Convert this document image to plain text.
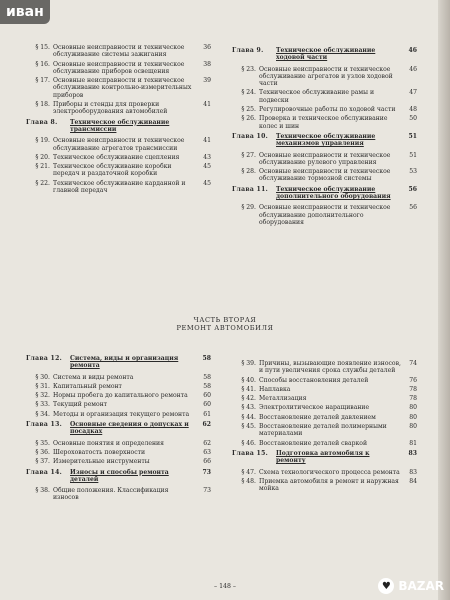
§ 15. Основные неисправности и техническое обслуживание системы зажигания
36
§ 16. Основные неисправности и техническое обслуживание приборов освещения
38
§ 17. Основные неисправности и техническое обслуживание контрольно-измерительных приборов
39
§ 18. Приборы и стенды для проверки электрооборудования автомобилей
41
Глава 8.	Техническое обслуживание трансмиссии
§ 19. Основные неисправности и техническое обслуживание агрегатов трансмиссии
41
§ 20. Техническое обслуживание сцепления	43
§ 21. Техническое обслуживание коробки передач и раздаточной коробки
45
§ 22. Техническое обслуживание карданной и главной передач
45
Глава 9.	Техническое обслуживание ходовой части
46
§ 23. Основные неисправности и техническое обслуживание агрегатов и узлов ходовой части
46
§ 24. Техническое обслуживание рамы и подвески
47
§ 25. Регулировочные работы по ходовой части	48
§ 26. Проверка и техническое обслуживание колес и шин
50
Глава 10.	Техническое обслуживание механизмов управления
51
§ 27. Основные неисправности и техническое обслуживание рулевого управления
51
§ 28. Основные неисправности и техническое обслуживание тормозной системы
53
Глава 11.	Техническое обслуживание дополнительного оборудования
56
§ 29. Основные неисправности и техническое обслуживание дополнительного оборудования
56
ЧАСТЬ ВТОРАЯ
РЕМОНТ АВТОМОБИЛЯ
Глава 12.	Система, виды и организация ремонта
58
§ 30. Система и виды ремонта	58
§ 31. Капитальный ремонт	58
§ 32. Нормы пробега до капитального ремонта	60
§ 33. Текущий ремонт	60
§ 34. Методы и организация текущего ремонта	61
Глава 13.	Основные сведения о допусках и посадках
62
§ 35. Основные понятия и определения	62
§ 36. Шероховатость поверхности	63
§ 37. Измерительные инструменты	66
Глава 14.	Износы и способы ремонта деталей
73
§ 38. Общие положения. Классификация износов
73
§ 39. Причины, вызывающие появление износов, и пути увеличения срока службы деталей
74
§ 40. Способы восстановления деталей	76
§ 41. Наплавка	78
§ 42. Металлизация	78
§ 43. Электролитическое наращивание	80
§ 44. Восстановление деталей давлением	80
§ 45. Восстановление деталей полимерными материалами
80
§ 46. Восстановление деталей сваркой	81
Глава 15.	Подготовка автомобиля к ремонту
83
§ 47. Схема технологического процесса ремонта	83
§ 48. Приемка автомобиля в ремонт и наружная мойка
84
– 148 –
иван
♥ BAZAR
